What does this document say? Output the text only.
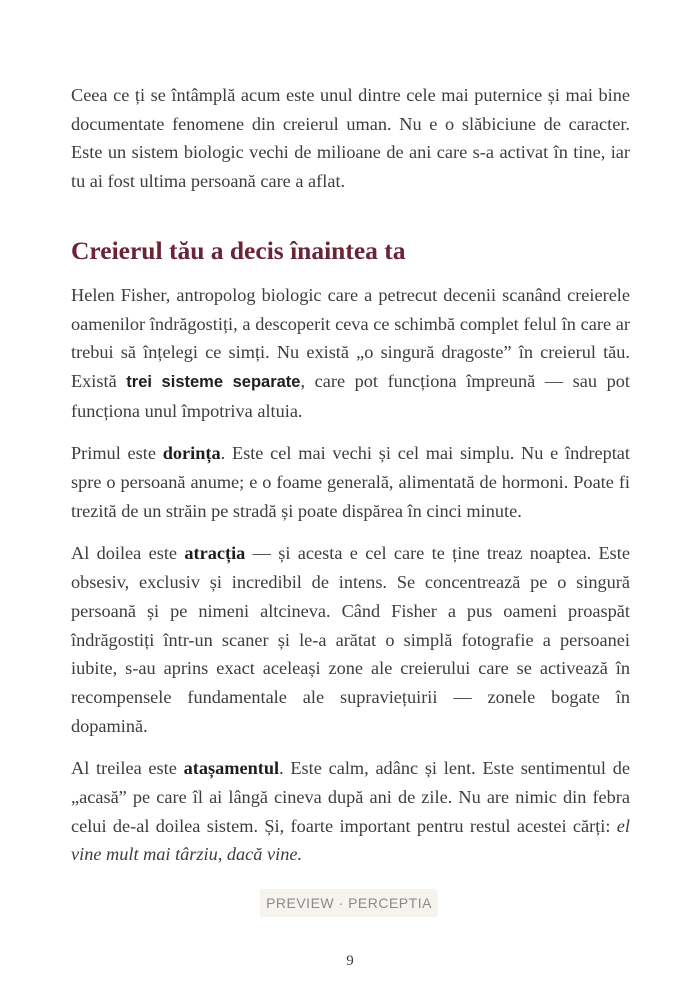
Ceea ce ți se întâmplă acum este unul dintre cele mai puternice și mai bine documentate fenomene din creierul uman. Nu e o slăbiciune de caracter. Este un sistem biologic vechi de milioane de ani care s-a activat în tine, iar tu ai fost ultima persoană care a aflat.

Creierul tău a decis înaintea ta

Helen Fisher, antropolog biologic care a petrecut decenii scanând creierele oamenilor îndrăgostiți, a descoperit ceva ce schimbă complet felul în care ar trebui să înțelegi ce simți. Nu există „o singură dragoste” în creierul tău. Există trei sisteme separate, care pot funcționa împreună — sau pot funcționa unul împotriva altuia.

Primul este dorința. Este cel mai vechi și cel mai simplu. Nu e îndreptat spre o persoană anume; e o foame generală, alimentată de hormoni. Poate fi trezită de un străin pe stradă și poate dispărea în cinci minute.

Al doilea este atracția — și acesta e cel care te ține treaz noaptea. Este obsesiv, exclusiv și incredibil de intens. Se concentrează pe o singură persoană și pe nimeni altcineva. Când Fisher a pus oameni proaspăt îndrăgostiți într-un scaner și le-a arătat o simplă fotografie a persoanei iubite, s-au aprins exact aceleași zone ale creierului care se activează în recompensele fundamentale ale supraviețuirii — zonele bogate în dopamină.

Al treilea este atașamentul. Este calm, adânc și lent. Este sentimentul de „acasă” pe care îl ai lângă cineva după ani de zile. Nu are nimic din febra celui de-al doilea sistem. Și, foarte important pentru restul acestei cărți: el vine mult mai târziu, dacă vine.

PREVIEW · PERCEPTIA
9
